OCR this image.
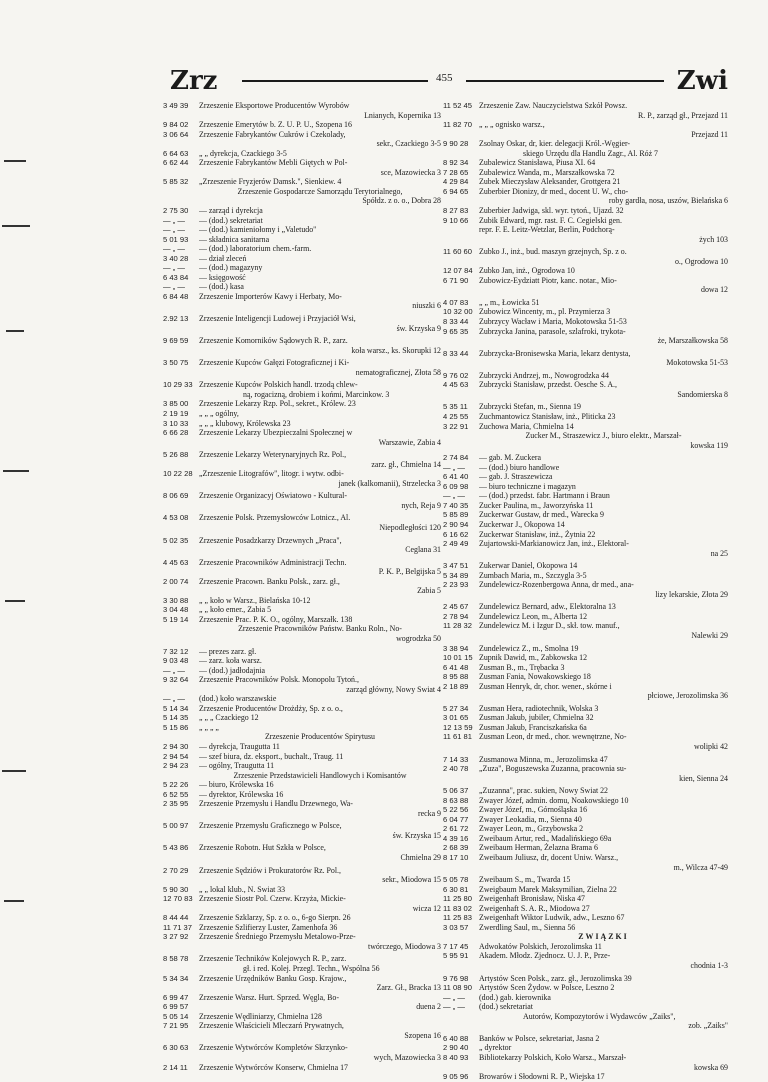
Zrz	455	Zwi
3 49 39	Zrzeszenie Eksportowe Producentów Wyrobów
Lnianych, Kopernika 13
9 84 02	Zrzeszenie Emerytów b. Z. U. P. U., Szopena 16
3 06 64	Zrzeszenie Fabrykantów Cukrów i Czekolady,
sekr., Czackiego 3-5
6 64 63	„ „ dyrekcja, Czackiego 3-5
6 62 44	Zrzeszenie Fabrykantów Mebli Giętych w Pol-
sce, Mazowiecka 3
5 85 32	„Zrzeszenie Fryzjerów Damsk.", Sienkiew. 4
Zrzeszenie Gospodarcze Samorządu Terytorialnego,
Spółdz. z o. o., Dobra 28
2 75 30	— zarząd i dyrekcja
— „ —	— (dod.) sekretariat
— „ —	— (dod.) kamieniołomy i „Valetudo"
5 01 93	— składnica sanitarna
— „ —	— (dod.) laboratorium chem.-farm.
3 40 28	— dział zleceń
— „ —	— (dod.) magazyny
6 43 84	— księgowość
— „ —	— (dod.) kasa
6 84 48	Zrzeszenie Importerów Kawy i Herbaty, Mo-
niuszki 6
2.92 13	Zrzeszenie Inteligencji Ludowej i Przyjaciół Wsi,
św. Krzyska 9
9 69 59	Zrzeszenie Komorników Sądowych R. P., zarz.
koła warsz., ks. Skorupki 12
3 50 75	Zrzeszenie Kupców Gałęzi Fotograficznej i Ki-
nematograficznej, Złota 58
10 29 33 Zrzeszenie Kupców Polskich handl. trzodą chlew-
ną, rogacizną, drobiem i końmi, Marcinkow. 3
3 85 00	Zrzeszenie Lekarzy Rzp. Pol., sekret., Królew. 23
2 19 19	„ „ „ ogólny,
3 10 33	„ „ „ klubowy, Królewska 23
6 66 28	Zrzeszenie Lekarzy Ubezpieczalni Społecznej w
Warszawie, Zabia 4
5 26 88	Zrzeszenie Lekarzy Weterynaryjnych Rz. Pol.,
zarz. gł., Chmielna 14
10 22 28 „Zrzeszenie Litografów", litogr. i wytw. odbi-
janek (kalkomanii), Strzelecka 3
8 06 69	Zrzeszenie Organizacyj Oświatowo - Kultural-
nych, Reja 9
4 53 08	Zrzeszenie Polsk. Przemysłowców Lotnicz., Al.
Niepodległości 120
5 02 35	Zrzeszenie Posadzkarzy Drzewnych „Praca",
Ceglana 31
4 45 63	Zrzeszenie Pracowników Administracji Techn.
P. K. P., Belgijska 5
2 00 74	Zrzeszenie Pracown. Banku Polsk., zarz. gł.,
Zabia 5
3 30 88	„ „ koło w Warsz., Bielańska 10-12
3 04 48	„ „ koło emer., Zabia 5
5 19 14	Zrzeszenie Prac. P. K. O., ogólny, Marszałk. 138
Zrzeszenie Pracowników Państw. Banku Roln., No-
wogrodzka 50
7 32 12	— prezes zarz. gł.
9 03 48	— zarz. koła warsz.
— „ —	— (dod.) jadłodajnia
9 32 64	Zrzeszenie Pracowników Polsk. Monopolu Tytoń.,
zarząd główny, Nowy Swiat 4
— „ —	(dod.) koło warszawskie
5 14 34	Zrzeszenie Producentów Drożdży, Sp. z o. o.,
5 14 35	„ „ „ Czackiego 12
5 15 86	„ „ „ „
Zrzeszenie Producentów Spirytusu
2 94 30	— dyrekcja, Traugutta 11
2 94 54	— szef biura, dz. eksport., buchalt., Traug. 11
2 94 23	— ogólny, Traugutta 11
Zrzeszenie Przedstawicieli Handlowych i Komisantów
5 22 26	— biuro, Królewska 16
6 52 55	— dyrektor, Królewska 16
2 35 95	Zrzeszenie Przemysłu i Handlu Drzewnego, Wa-
recka 9
5 00 97	Zrzeszenie Przemysłu Graficznego w Polsce,
św. Krzyska 15
5 43 86	Zrzeszenie Robotn. Hut Szkła w Polsce,
Chmielna 29
2 70 29	Zrzeszenie Sędziów i Prokuratorów Rz. Pol.,
sekr., Miodowa 15
5 90 30	„ „ lokal klub., N. Swiat 33
12 70 83 Zrzeszenie Siostr Pol. Czerw. Krzyża, Mickie-
wicza 12
8 44 44	Zrzeszenie Szklarzy, Sp. z o. o., 6-go Sierpn. 26
11 71 37 Zrzeszenie Szlifierzy Luster, Zamenhofa 36
3 27 92	Zrzeszenie Średniego Przemysłu Metalowo-Prze-
twórczego, Miodowa 3
8 58 78	Zrzeszenie Techników Kolejowych R. P., zarz.
gł. i red. Kolej. Przegl. Techn., Wspólna 56
5 34 34	Zrzeszenie Urzędników Banku Gosp. Krajow.,
Zarz. Gł., Bracka 13
6 99 47	Zrzeszenie Warsz. Hurt. Sprzed. Węgla, Bo-
6 99 57	duena 2
5 05 14	Zrzeszenie Wędliniarzy, Chmielna 128
7 21 95	Zrzeszenie Właścicieli Mleczarń Prywatnych,
Szopena 16
6 30 63	Zrzeszenie Wytwórców Kompletów Skrzynko-
wych, Mazowiecka 3
2 14 11	Zrzeszenie Wytwórców Konserw, Chmielna 17
11 52 45 Zrzeszenie Zaw. Nauczycielstwa Szkół Powsz.
R. P., zarząd gł., Przejazd 11
11 82 70 „ „ „ ognisko warsz.,
Przejazd 11
9 90 28	Zsolnay Oskar, dr, kier. delegacji Król.-Węgier-
skiego Urzędu dla Handlu Zagr., Al. Róż 7
8 92 34	Zubalewicz Stanisława, Piusa XI. 64
7 28 65	Zubalewicz Wanda, m., Marszałkowska 72
4 29 84	Zubek Mieczysław Aleksander, Grottgera 21
6 94 65	Zuberbier Dionizy, dr med., docent U. W., cho-
roby gardła, nosa, uszów, Bielańska 6
8 27 83	Zuberbier Jadwiga, skl. wyr. tytoń., Ujazd. 32
9 10 66	Zubik Edward, mgr. rast. F. C. Cegielski gen.
repr. F. E. Leitz-Wetzlar, Berlin, Podchorą-
żych 103
11 60 60 Zubko J., inż., bud. maszyn grzejnych, Sp. z o.
o., Ogrodowa 10
12 07 84 Zubko Jan, inż., Ogrodowa 10
6 71 90	Zubowicz-Eydziatt Piotr, kanc. notar., Mio-
dowa 12
4 07 83	„ „ m., Łowicka 51
10 32 00 Zubowicz Wincenty, m., pl. Przymierza 3
8 33 44	Zubrzycy Wacław i Maria, Mokotowska 51-53
9 65 35	Zubrzycka Janina, parasole, szlafroki, trykota-
że, Marszałkowska 58
8 33 44	Zubrzycka-Bronisewska Maria, lekarz dentysta,
Mokotowska 51-53
9 76 02	Zubrzycki Andrzej, m., Nowogrodzka 44
4 45 63	Zubrzycki Stanisław, przedst. Oesche S. A.,
Sandomierska 8
5 35 11	Zubrzycki Stefan, m., Sienna 19
4 25 55	Zuchmantowicz Stanisław, inż., Pliticka 23
3 22 91	Zuchowa Maria, Chmielna 14
Zucker M., Straszewicz J., biuro elektr., Marszał-
kowska 119
2 74 84	— gab. M. Zuckera
— „ —	— (dod.) biuro handlowe
6 41 40	— gab. J. Straszewicza
6 09 98	— biuro techniczne i magazyn
— „ —	— (dod.) przedst. fabr. Hartmann i Braun
7 40 35	Zucker Paulina, m., Jaworzyńska 11
5 85 89	Zuckerwar Gustaw, dr med., Warecka 9
2 90 94	Zuckerwar J., Okopowa 14
6 16 62	Zuckerwar Stanisław, inż., Żytnia 22
2 49 49	Zujartowski-Markianowicz Jan, inż., Elektoral-
na 25
3 47 51	Zukerwar Daniel, Okopowa 14
5 34 89	Zumbach Maria, m., Szczygla 3-5
2 23 93	Zundelewicz-Rozenbergowa Anna, dr med., ana-
lizy lekarskie, Złota 29
2 45 67	Zundelewicz Bernard, adw., Elektoralna 13
2 78 94	Zundelewicz Leon, m., Alberta 12
11 28 32 Zundelewicz M. i Izgur D., skł. tow. manuf.,
Nalewki 29
3 38 94	Zundelewicz Z., m., Smolna 19
10 01 15 Zupnik Dawid, m., Zabkowska 12
6 41 48	Zusman B., m., Trębacka 3
8 95 88	Zusman Fania, Nowakowskiego 18
2 18 89	Zusman Henryk, dr, chor. wener., skórne i
płciowe, Jerozolimska 36
5 27 34	Zusman Hera, radiotechnik, Wolska 3
3 01 65	Zusman Jakub, jubiler, Chmielna 32
12 13 59 Zusman Jakub, Franciszkańska 6a
11 61 81 Zusman Leon, dr med., chor. wewnętrzne, No-
wolipki 42
7 14 33	Zusmanowa Minna, m., Jerozolimska 47
2 40 78	„Zuza", Boguszewska Zuzanna, pracownia su-
kien, Sienna 24
5 06 37	„Zuzanna", prac. sukien, Nowy Swiat 22
8 63 88	Zwayer Józef, admin. domu, Noakowskiego 10
5 22 56	Zwayer Józef, m., Górnośląska 16
6 04 77	Zwayer Leokadia, m., Sienna 40
2 61 72	Zwayer Leon, m., Grzybowska 2
4 39 16	Zweibaum Artur, red., Madalińskiego 69a
2 68 39	Zweibaum Herman, Żelazna Brama 6
8 17 10	Zweibaum Juliusz, dr, docent Uniw. Warsz.,
m., Wilcza 47-49
5 05 78	Zweibaum S., m., Twarda 15
6 30 81	Zweigbaum Marek Maksymilian, Zielna 22
11 25 80 Zweigenhaft Bronisław, Niska 47
11 83 02 Zweigenhaft S. A. R., Miodowa 27
11 25 83 Zweigenhaft Wiktor Ludwik, adw., Leszno 67
3 03 57	Zwerdling Saul, m., Sienna 56
ZWIĄZKI
7 17 45	Adwokatów Polskich, Jerozolimska 11
5 95 91	Akadem. Młodz. Zjednocz. U. J. P., Prze-
chodnia 1-3
9 76 98	Artystów Scen Polsk., zarz. gł., Jerozolimska 39
11 08 90 Artystów Scen Żydow. w Polsce, Leszno 2
— „ —	(dod.) gab. kierownika
— „ —	(dod.) sekretariat
Autorów, Kompozytorów i Wydawców „Zaiks",
zob. „Zaiks"
6 40 88	Banków w Polsce, sekretariat, Jasna 2
2 90 40	„ dyrektor
8 40 93	Bibliotekarzy Polskich, Koło Warsz., Marszał-
kowska 69
9 05 96	Browarów i Słodowni R. P., Wiejska 17
